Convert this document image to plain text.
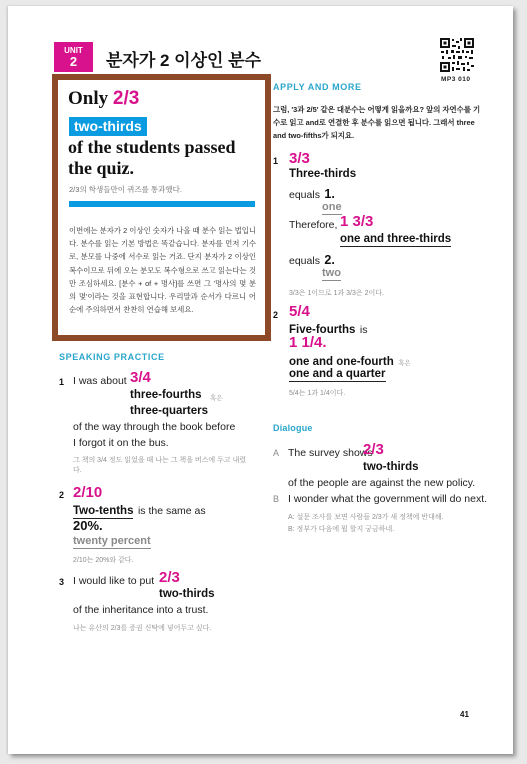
UNIT
2	분자가 2 이상인 분수
MP3 010
Only 2/3
two-thirds
of the students passed
the quiz.
2/3의 학생들만이 퀴즈를 통과했다.
이번에는 분자가 2 이상인 숫자가 나올 때 분수 읽는 법입니다. 분수를 읽는 기본 방법은 똑같습니다. 분자를 먼저 기수로, 분모를 나중에 서수로 읽는 거죠. 단지 분자가 2 이상인 복수이므로 뒤에 오는 분모도 복수형으로 쓰고 읽는다는 것만 조심하세요. [분수 + of + 명사]를 쓰면 그 '명사의 몇 분의 몇'이라는 것을 표현합니다. 우리말과 순서가 다르니 어순에 주의하면서 찬찬히 연습해 보세요.
SPEAKING PRACTICE
1 I was about 3/4
three-fourths 혹은
three-quarters
of the way through the book before
I forgot it on the bus.
그 책의 3/4 정도 읽었을 때 나는 그 책을 버스에 두고 내렸다.
2 2/10
Two-tenths is the same as
20%.
twenty percent
2/10는 20%와 같다.
3 I would like to put 2/3
two-thirds
of the inheritance into a trust.
나는 유산의 2/3를 증권 신탁에 넣어두고 싶다.
APPLY AND MORE
그럼, '3과 2/5' 같은 대분수는 어떻게 읽을까요? 앞의 자연수를 기수로 읽고 and로 연결한 후 분수를 읽으면 됩니다. 그래서 three and two-fifths가 되지요.
1 3/3
Three-thirds
equals 1.
one
Therefore, 1 3/3
one and three-thirds
equals 2.
two
3/3은 1이므로 1과 3/3은 2이다.
2 5/4
Five-fourths is
1 1/4.
one and one-fourth 혹은
one and a quarter
5/4는 1과 1/4이다.
Dialogue
A The survey shows
2/3
two-thirds
of the people are against the new policy.
B I wonder what the government will do next.
A: 설문 조사를 보면 사람들 2/3가 새 정책에 반대해.
B: 정부가 다음에 뭘 할지 궁금하네.
41
